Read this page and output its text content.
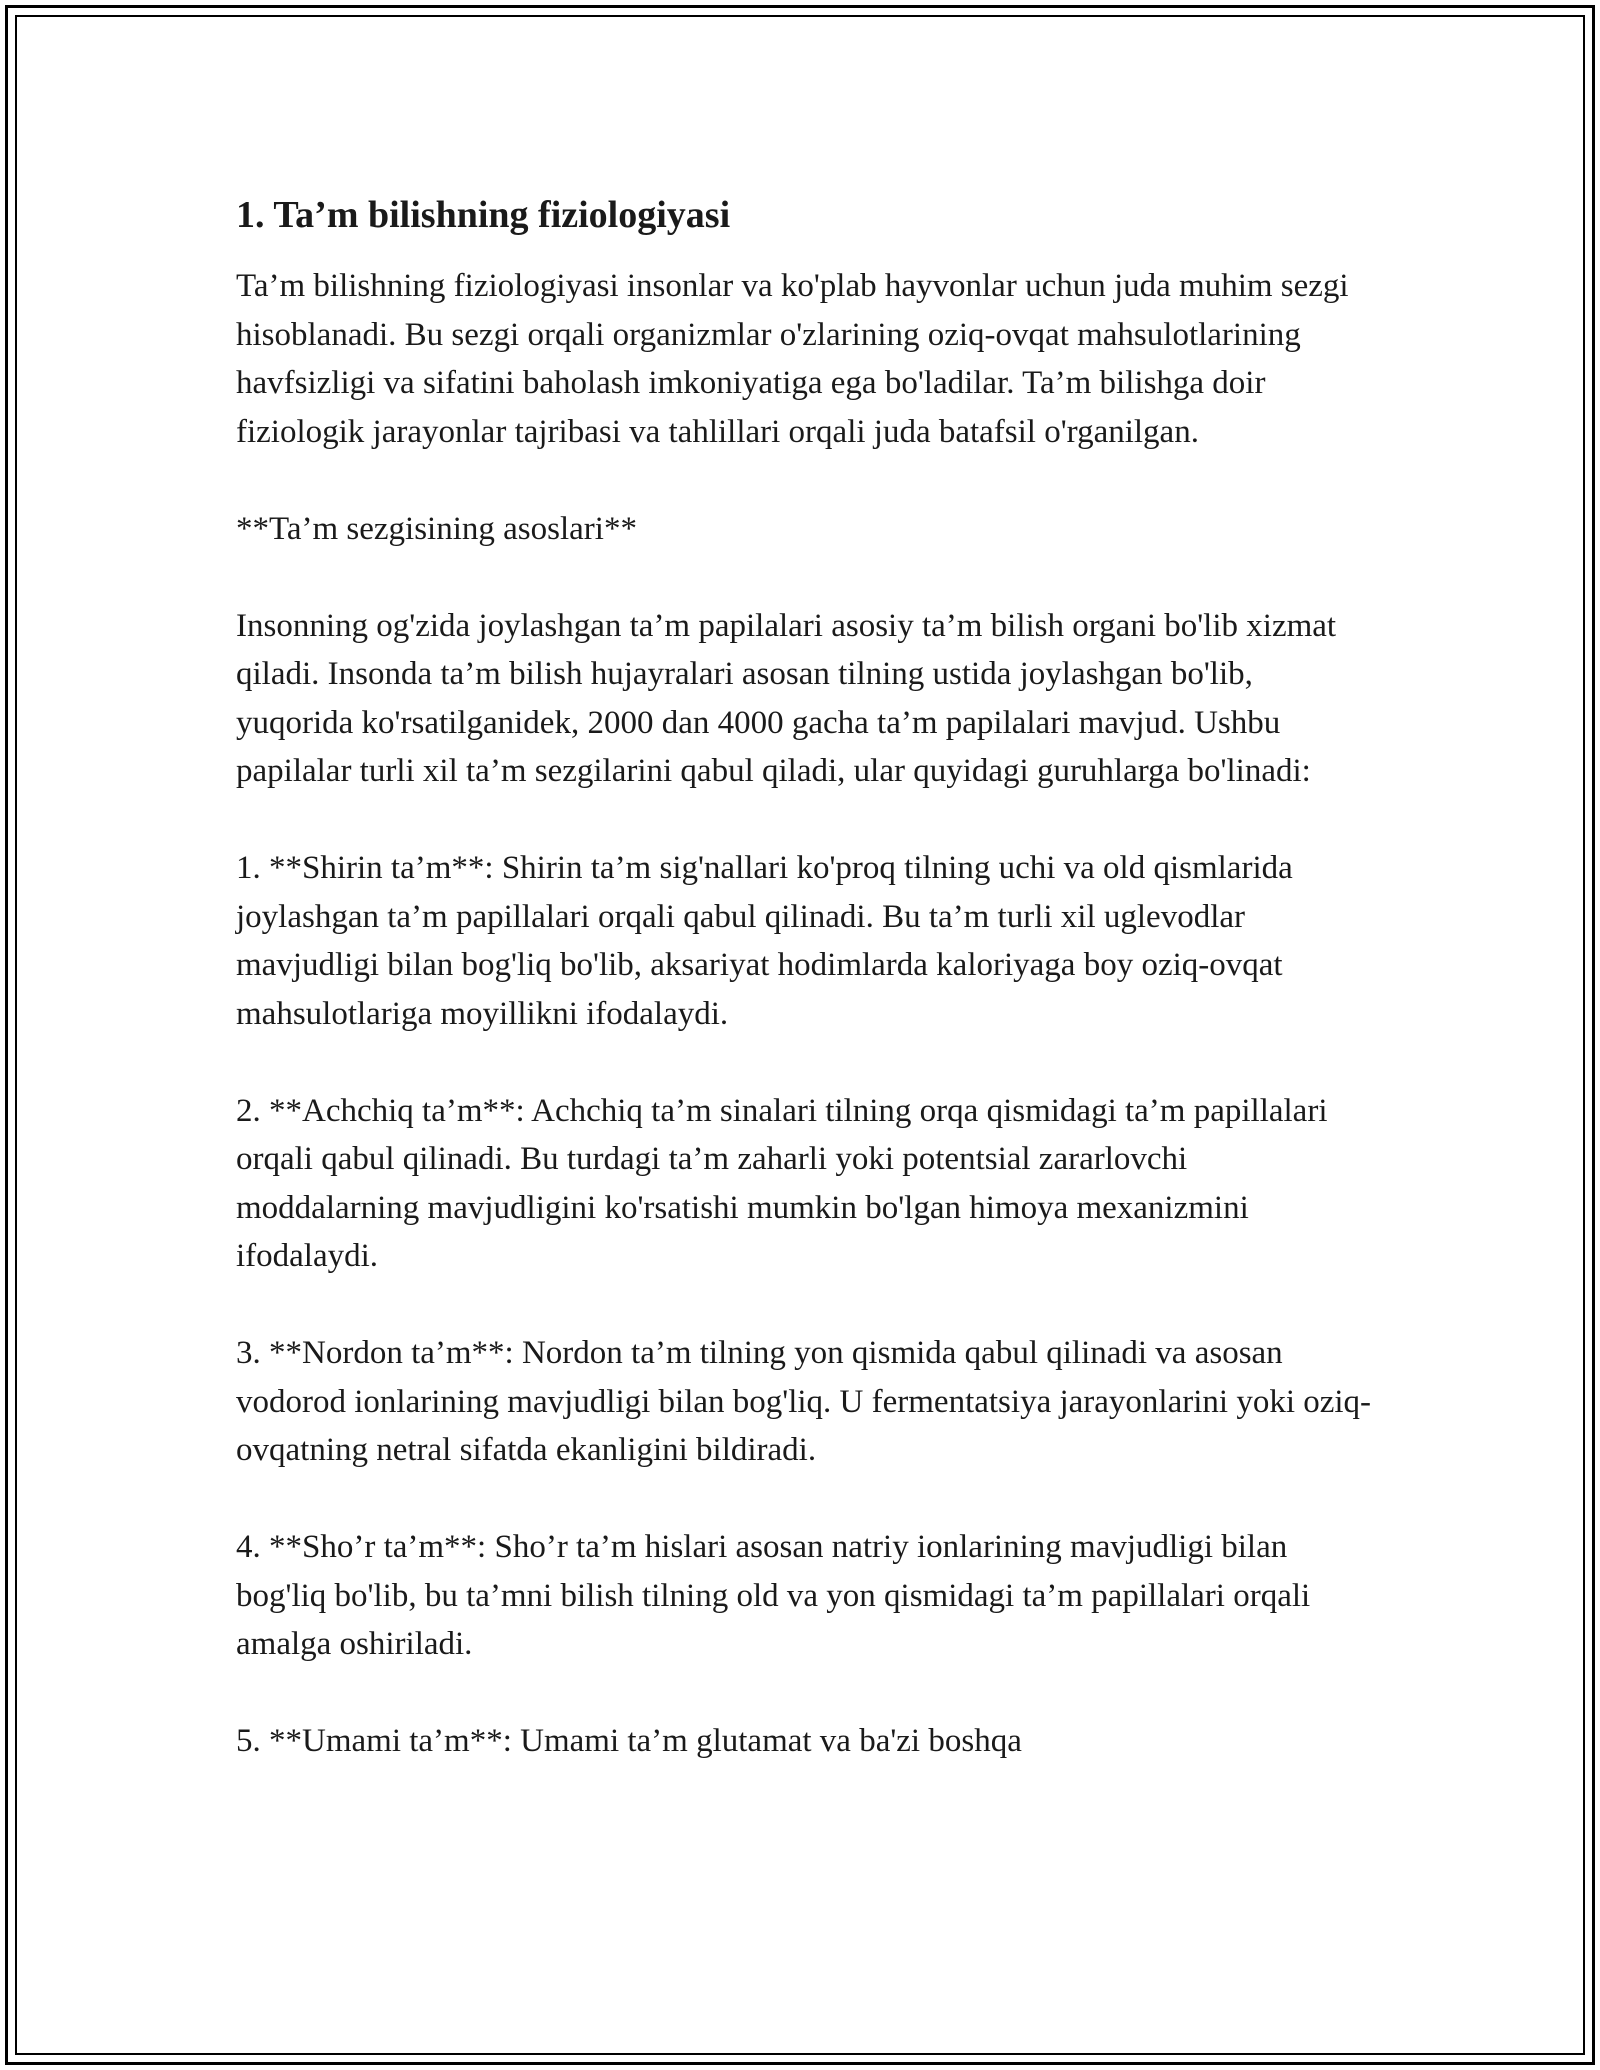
1. Ta’m bilishning fiziologiyasi

Ta’m bilishning fiziologiyasi insonlar va ko'plab hayvonlar uchun juda muhim sezgi hisoblanadi. Bu sezgi orqali organizmlar o'zlarining oziq-ovqat mahsulotlarining havfsizligi va sifatini baholash imkoniyatiga ega bo'ladilar. Ta’m bilishga doir fiziologik jarayonlar tajribasi va tahlillari orqali juda batafsil o'rganilgan.

**Ta’m sezgisining asoslari**

Insonning og'zida joylashgan ta’m papilalari asosiy ta’m bilish organi bo'lib xizmat qiladi. Insonda ta’m bilish hujayralari asosan tilning ustida joylashgan bo'lib, yuqorida ko'rsatilganidek, 2000 dan 4000 gacha ta’m papilalari mavjud. Ushbu papilalar turli xil ta’m sezgilarini qabul qiladi, ular quyidagi guruhlarga bo'linadi:

1. **Shirin ta’m**: Shirin ta’m sig'nallari ko'proq tilning uchi va old qismlarida joylashgan ta’m papillalari orqali qabul qilinadi. Bu ta’m turli xil uglevodlar mavjudligi bilan bog'liq bo'lib, aksariyat hodimlarda kaloriyaga boy oziq-ovqat mahsulotlariga moyillikni ifodalaydi.

2. **Achchiq ta’m**: Achchiq ta’m sinalari tilning orqa qismidagi ta’m papillalari orqali qabul qilinadi. Bu turdagi ta’m zaharli yoki potentsial zararlovchi moddalarning mavjudligini ko'rsatishi mumkin bo'lgan himoya mexanizmini ifodalaydi.

3. **Nordon ta’m**: Nordon ta’m tilning yon qismida qabul qilinadi va asosan vodorod ionlarining mavjudligi bilan bog'liq. U fermentatsiya jarayonlarini yoki oziq-ovqatning netral sifatda ekanligini bildiradi.

4. **Sho’r ta’m**: Sho’r ta’m hislari asosan natriy ionlarining mavjudligi bilan bog'liq bo'lib, bu ta’mni bilish tilning old va yon qismidagi ta’m papillalari orqali amalga oshiriladi.

5. **Umami ta’m**: Umami ta’m glutamat va ba'zi boshqa
